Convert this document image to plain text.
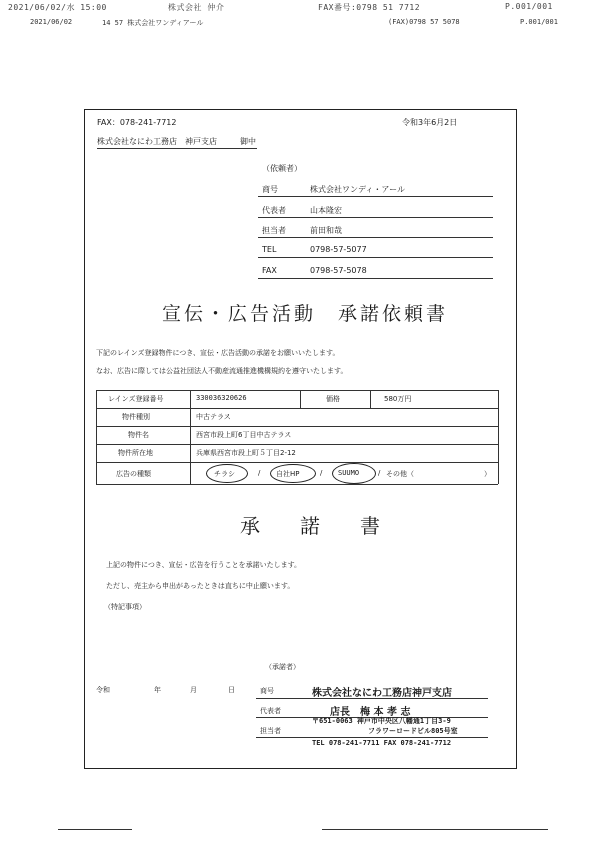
2021/06/02/水 15:00	株式会社 仲介	FAX番号:0798 51 7712	P.001/001
2021/06/02	14 57 株式会社ワンディアール	(FAX)0798 57 5078	P.001/001
FAX：078-241-7712	令和3年6月2日
株式会社なにわ工務店　神戸支店	御中
（依頼者）
商号	株式会社ワンディ・アール
代表者	山本隆宏
担当者	前田和哉
TEL	0798-57-5077
FAX	0798-57-5078
宣伝・広告活動　承諾依頼書
下記のレインズ登録物件につき、宣伝・広告活動の承諾をお願いいたします。
なお、広告に際しては公益社団法人不動産流通推進機構規約を遵守いたします。
レインズ登録番号	330036320626	価格	580万円
物件種別	中古テラス
物件名	西宮市段上町6丁目中古テラス
物件所在地	兵庫県西宮市段上町５丁目2-12
広告の種類	チラシ	/ 自社HP	/ SUUMO	/ その他（	）
承　　諾　　書
上記の物件につき、宣伝・広告を行うことを承諾いたします。
ただし、売主から申出があったときは直ちに中止願います。
（特記事項）
（承諾者）
令和	年	月	日	商号	株式会社なにわ工務店神戸支店
代表者	店長　梅 本 孝 志
担当者
〒651-0063 神戸市中央区八幡通1丁目3-9
フラワーロードビル805号室
TEL 078-241-7711 FAX 078-241-7712
